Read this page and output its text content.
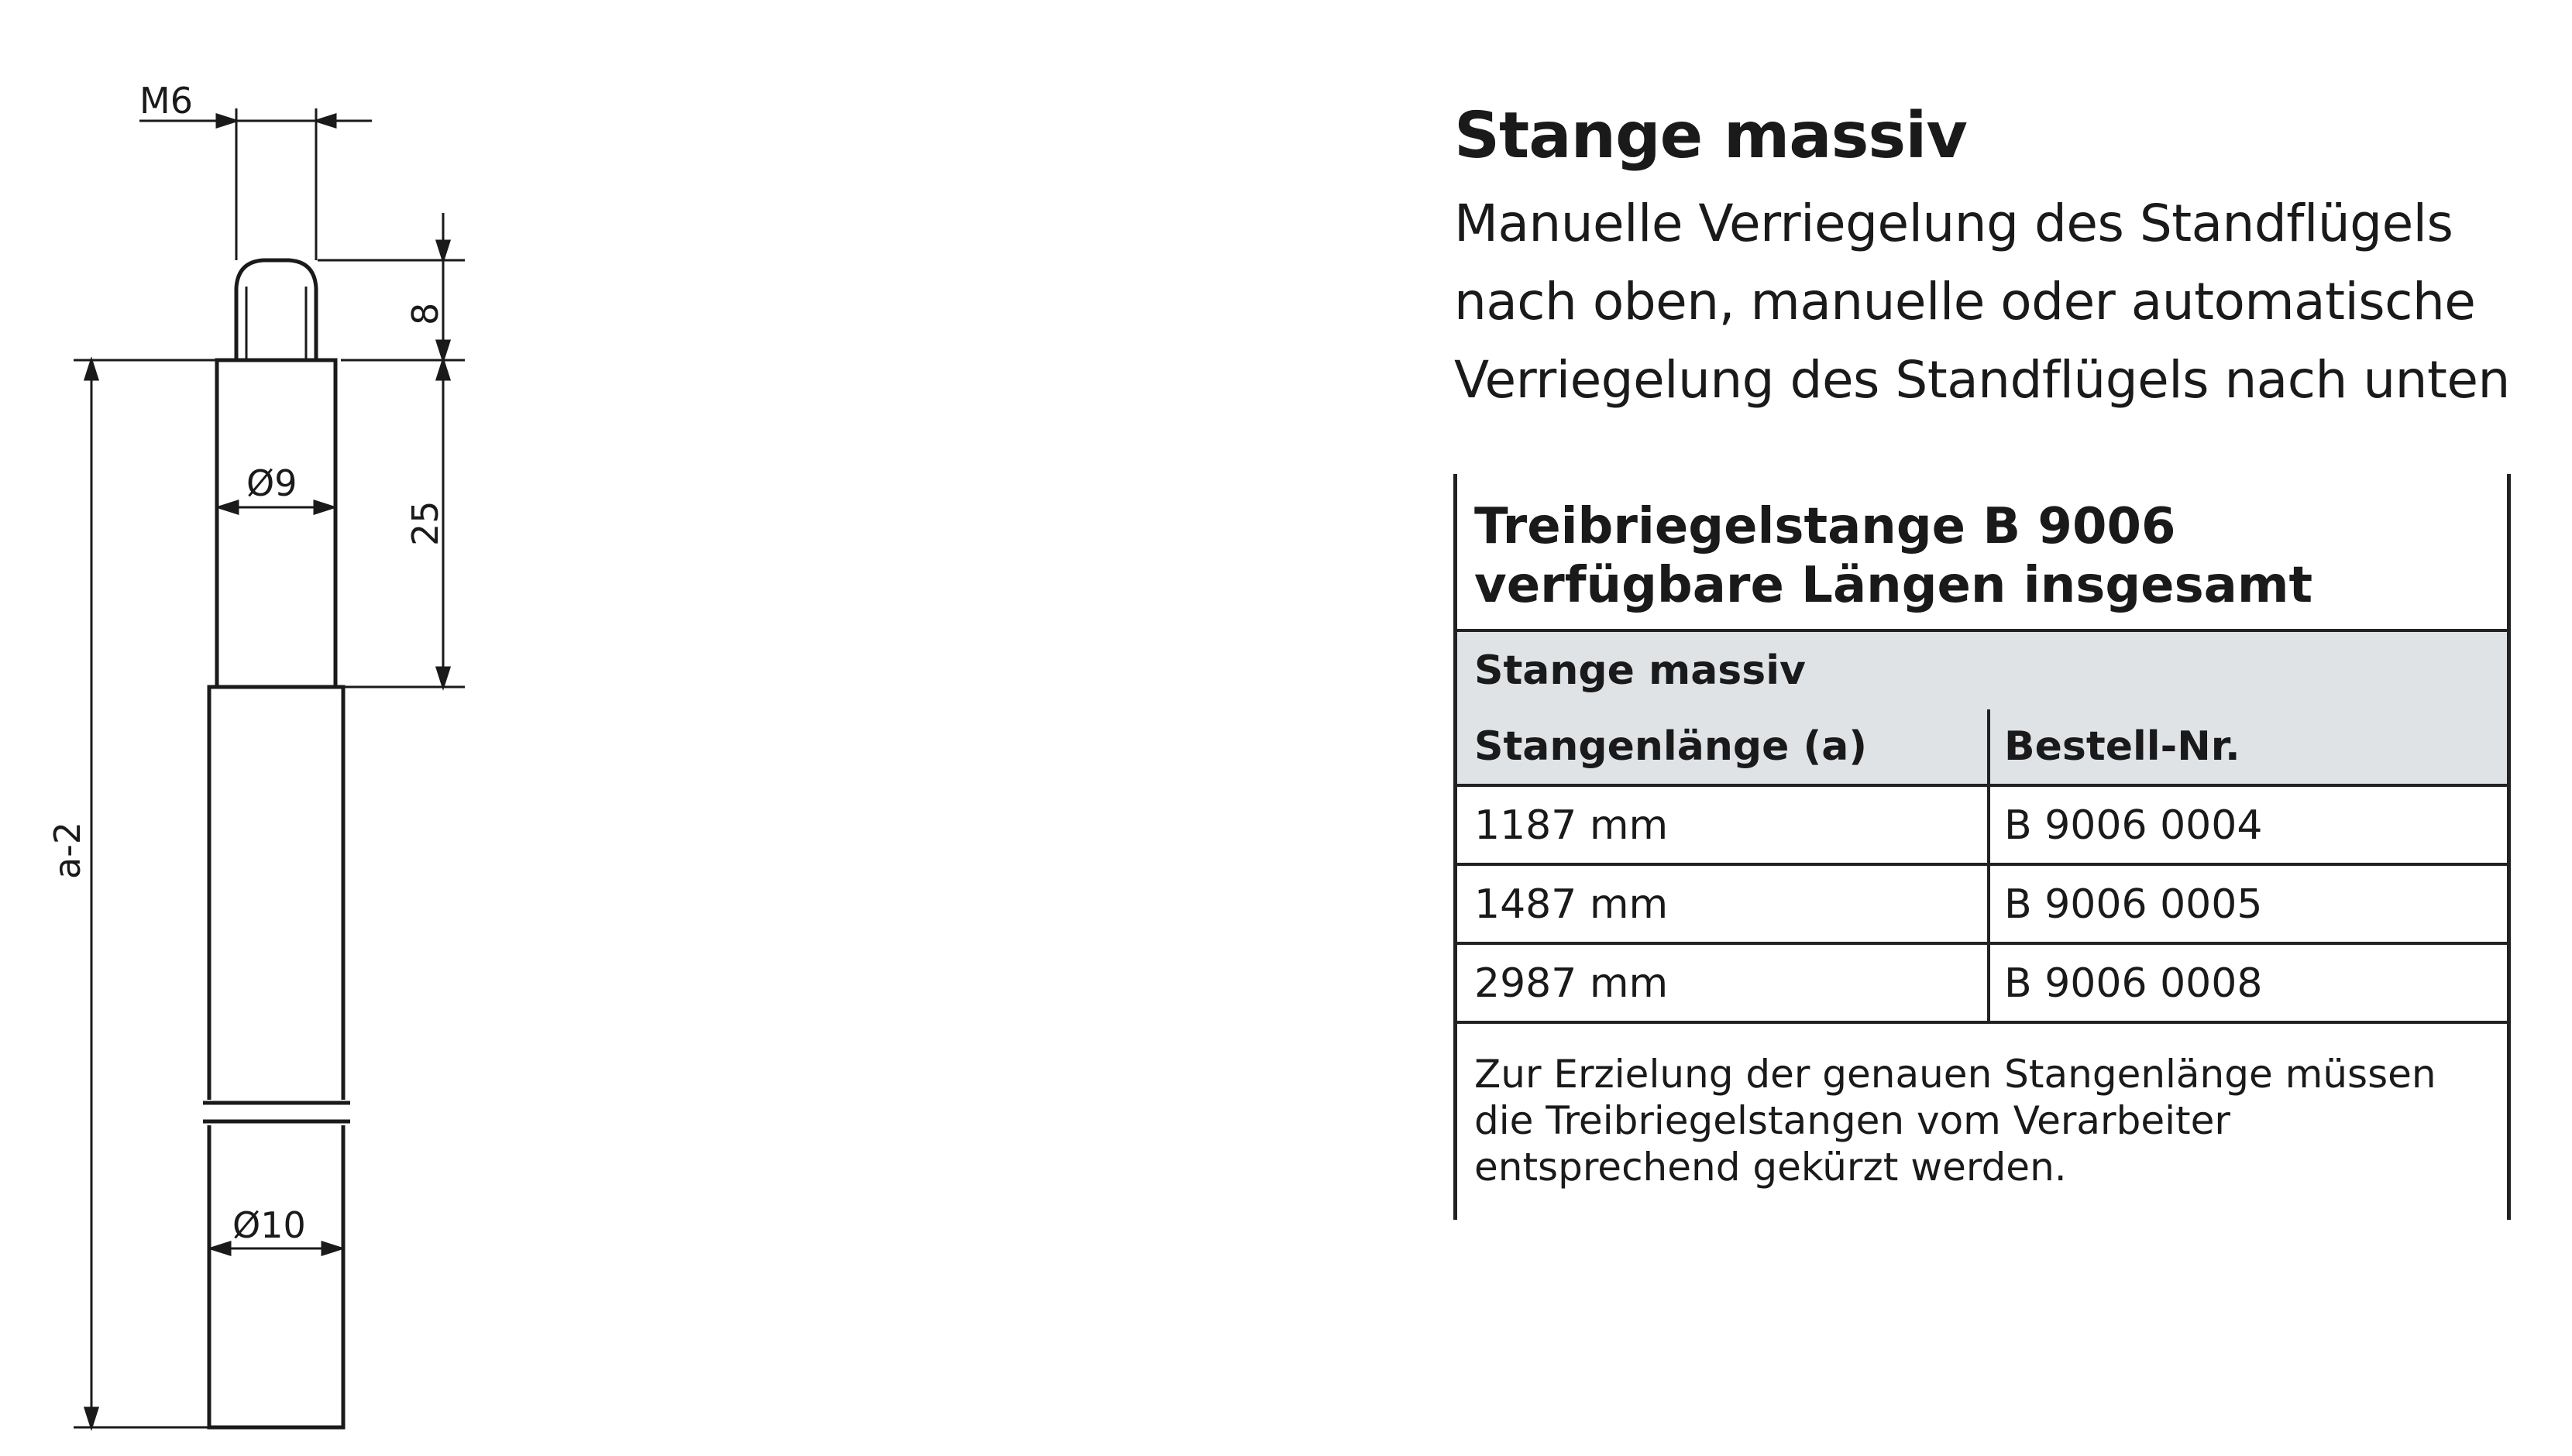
M6
8
Ø9
25
a-2
Ø10
Stange massiv

Manuelle Verriegelung des Standflügels nach oben, manuelle oder automatische Verriegelung des Standflügels nach unten

Treibriegelstange B 9006
verfügbare Längen insgesamt
Stange massiv
Stangenlänge (a)	Bestell-Nr.
1187 mm	B 9006 0004
1487 mm	B 9006 0005
2987 mm	B 9006 0008

Zur Erzielung der genauen Stangenlänge müssen die Treibriegelstangen vom Verarbeiter entsprechend gekürzt werden.
